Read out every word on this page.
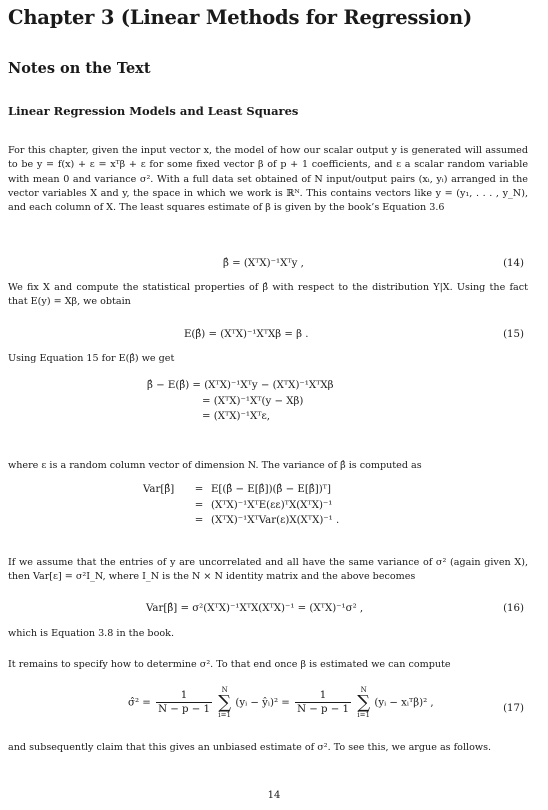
Chapter 3 (Linear Methods for Regression)
Notes on the Text
Linear Regression Models and Least Squares

For this chapter, given the input vector x, the model of how our scalar output y is generated will assumed to be y = f(x) + ε = xᵀβ + ε for some fixed vector β of p + 1 coefficients, and ε a scalar random variable with mean 0 and variance σ². With a full data set obtained of N input/output pairs (xᵢ, yᵢ) arranged in the vector variables X and y, the space in which we work is ℝᴺ. This contains vectors like y = (y₁, . . . , y_N), and each column of X. The least squares estimate of β is given by the book’s Equation 3.6

β̂ = (XᵀX)⁻¹Xᵀy ,	(14)

We fix X and compute the statistical properties of β̂ with respect to the distribution Y|X. Using the fact that E(y) = Xβ, we obtain

E(β̂) = (XᵀX)⁻¹XᵀXβ = β .	(15)

Using Equation 15 for E(β̂) we get

β̂ − E(β̂) = (XᵀX)⁻¹Xᵀy − (XᵀX)⁻¹XᵀXβ
= (XᵀX)⁻¹Xᵀ(y − Xβ)
= (XᵀX)⁻¹Xᵀε,

where ε is a random column vector of dimension N. The variance of β̂ is computed as

Var[β̂] = E[(β̂ − E[β̂])(β̂ − E[β̂])ᵀ]
= (XᵀX)⁻¹XᵀE(εε)ᵀX(XᵀX)⁻¹
= (XᵀX)⁻¹XᵀVar(ε)X(XᵀX)⁻¹ .

If we assume that the entries of y are uncorrelated and all have the same variance of σ² (again given X), then Var[ε] = σ²I_N, where I_N is the N × N identity matrix and the above becomes

Var[β̂] = σ²(XᵀX)⁻¹XᵀX(XᵀX)⁻¹ = (XᵀX)⁻¹σ² ,	(16)

which is Equation 3.8 in the book.

It remains to specify how to determine σ². To that end once β is estimated we can compute

σ̂² = $\frac{1}{N - p - 1}$
	N
∑
i=1
(yᵢ − ŷᵢ)² = $\frac{1}{N - p - 1}$
	N
∑
i=1
(yᵢ − xᵢᵀβ)² ,	(17)

and subsequently claim that this gives an unbiased estimate of σ². To see this, we argue as follows.

14
